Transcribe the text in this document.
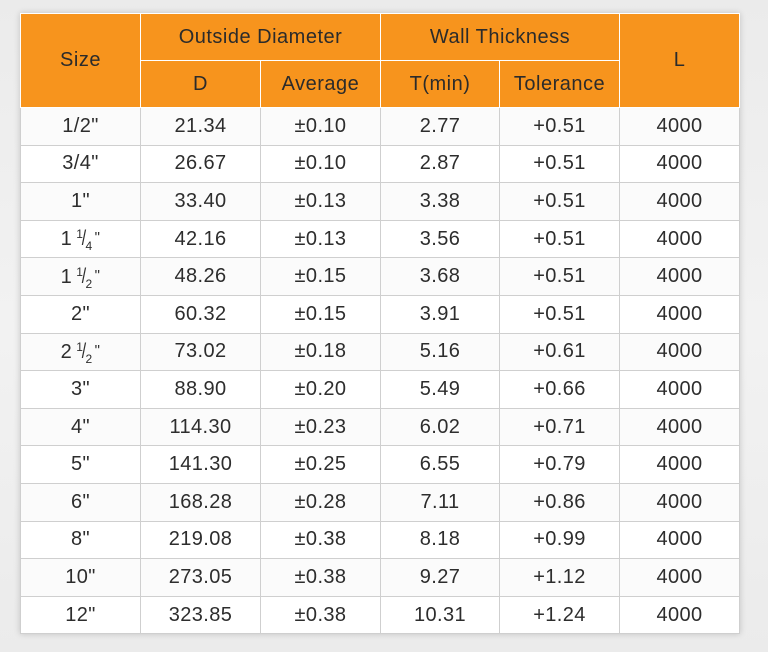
Size	Outside Diameter		Wall Thickness		L
	D	Average	T(min)	Tolerance	
1/2"	21.34	±0.10	2.77	+0.51	4000
3/4"	26.67	±0.10	2.87	+0.51	4000
1"	33.40	±0.13	3.38	+0.51	4000
1 $^1/_4$ "	42.16	±0.13	3.56	+0.51	4000
1 $^1/_2$ "	48.26	±0.15	3.68	+0.51	4000
2"	60.32	±0.15	3.91	+0.51	4000
2 $^1/_2$ "	73.02	±0.18	5.16	+0.61	4000
3"	88.90	±0.20	5.49	+0.66	4000
4"	114.30	±0.23	6.02	+0.71	4000
5"	141.30	±0.25	6.55	+0.79	4000
6"	168.28	±0.28	7.11	+0.86	4000
8"	219.08	±0.38	8.18	+0.99	4000
10"	273.05	±0.38	9.27	+1.12	4000
12"	323.85	±0.38	10.31	+1.24	4000
